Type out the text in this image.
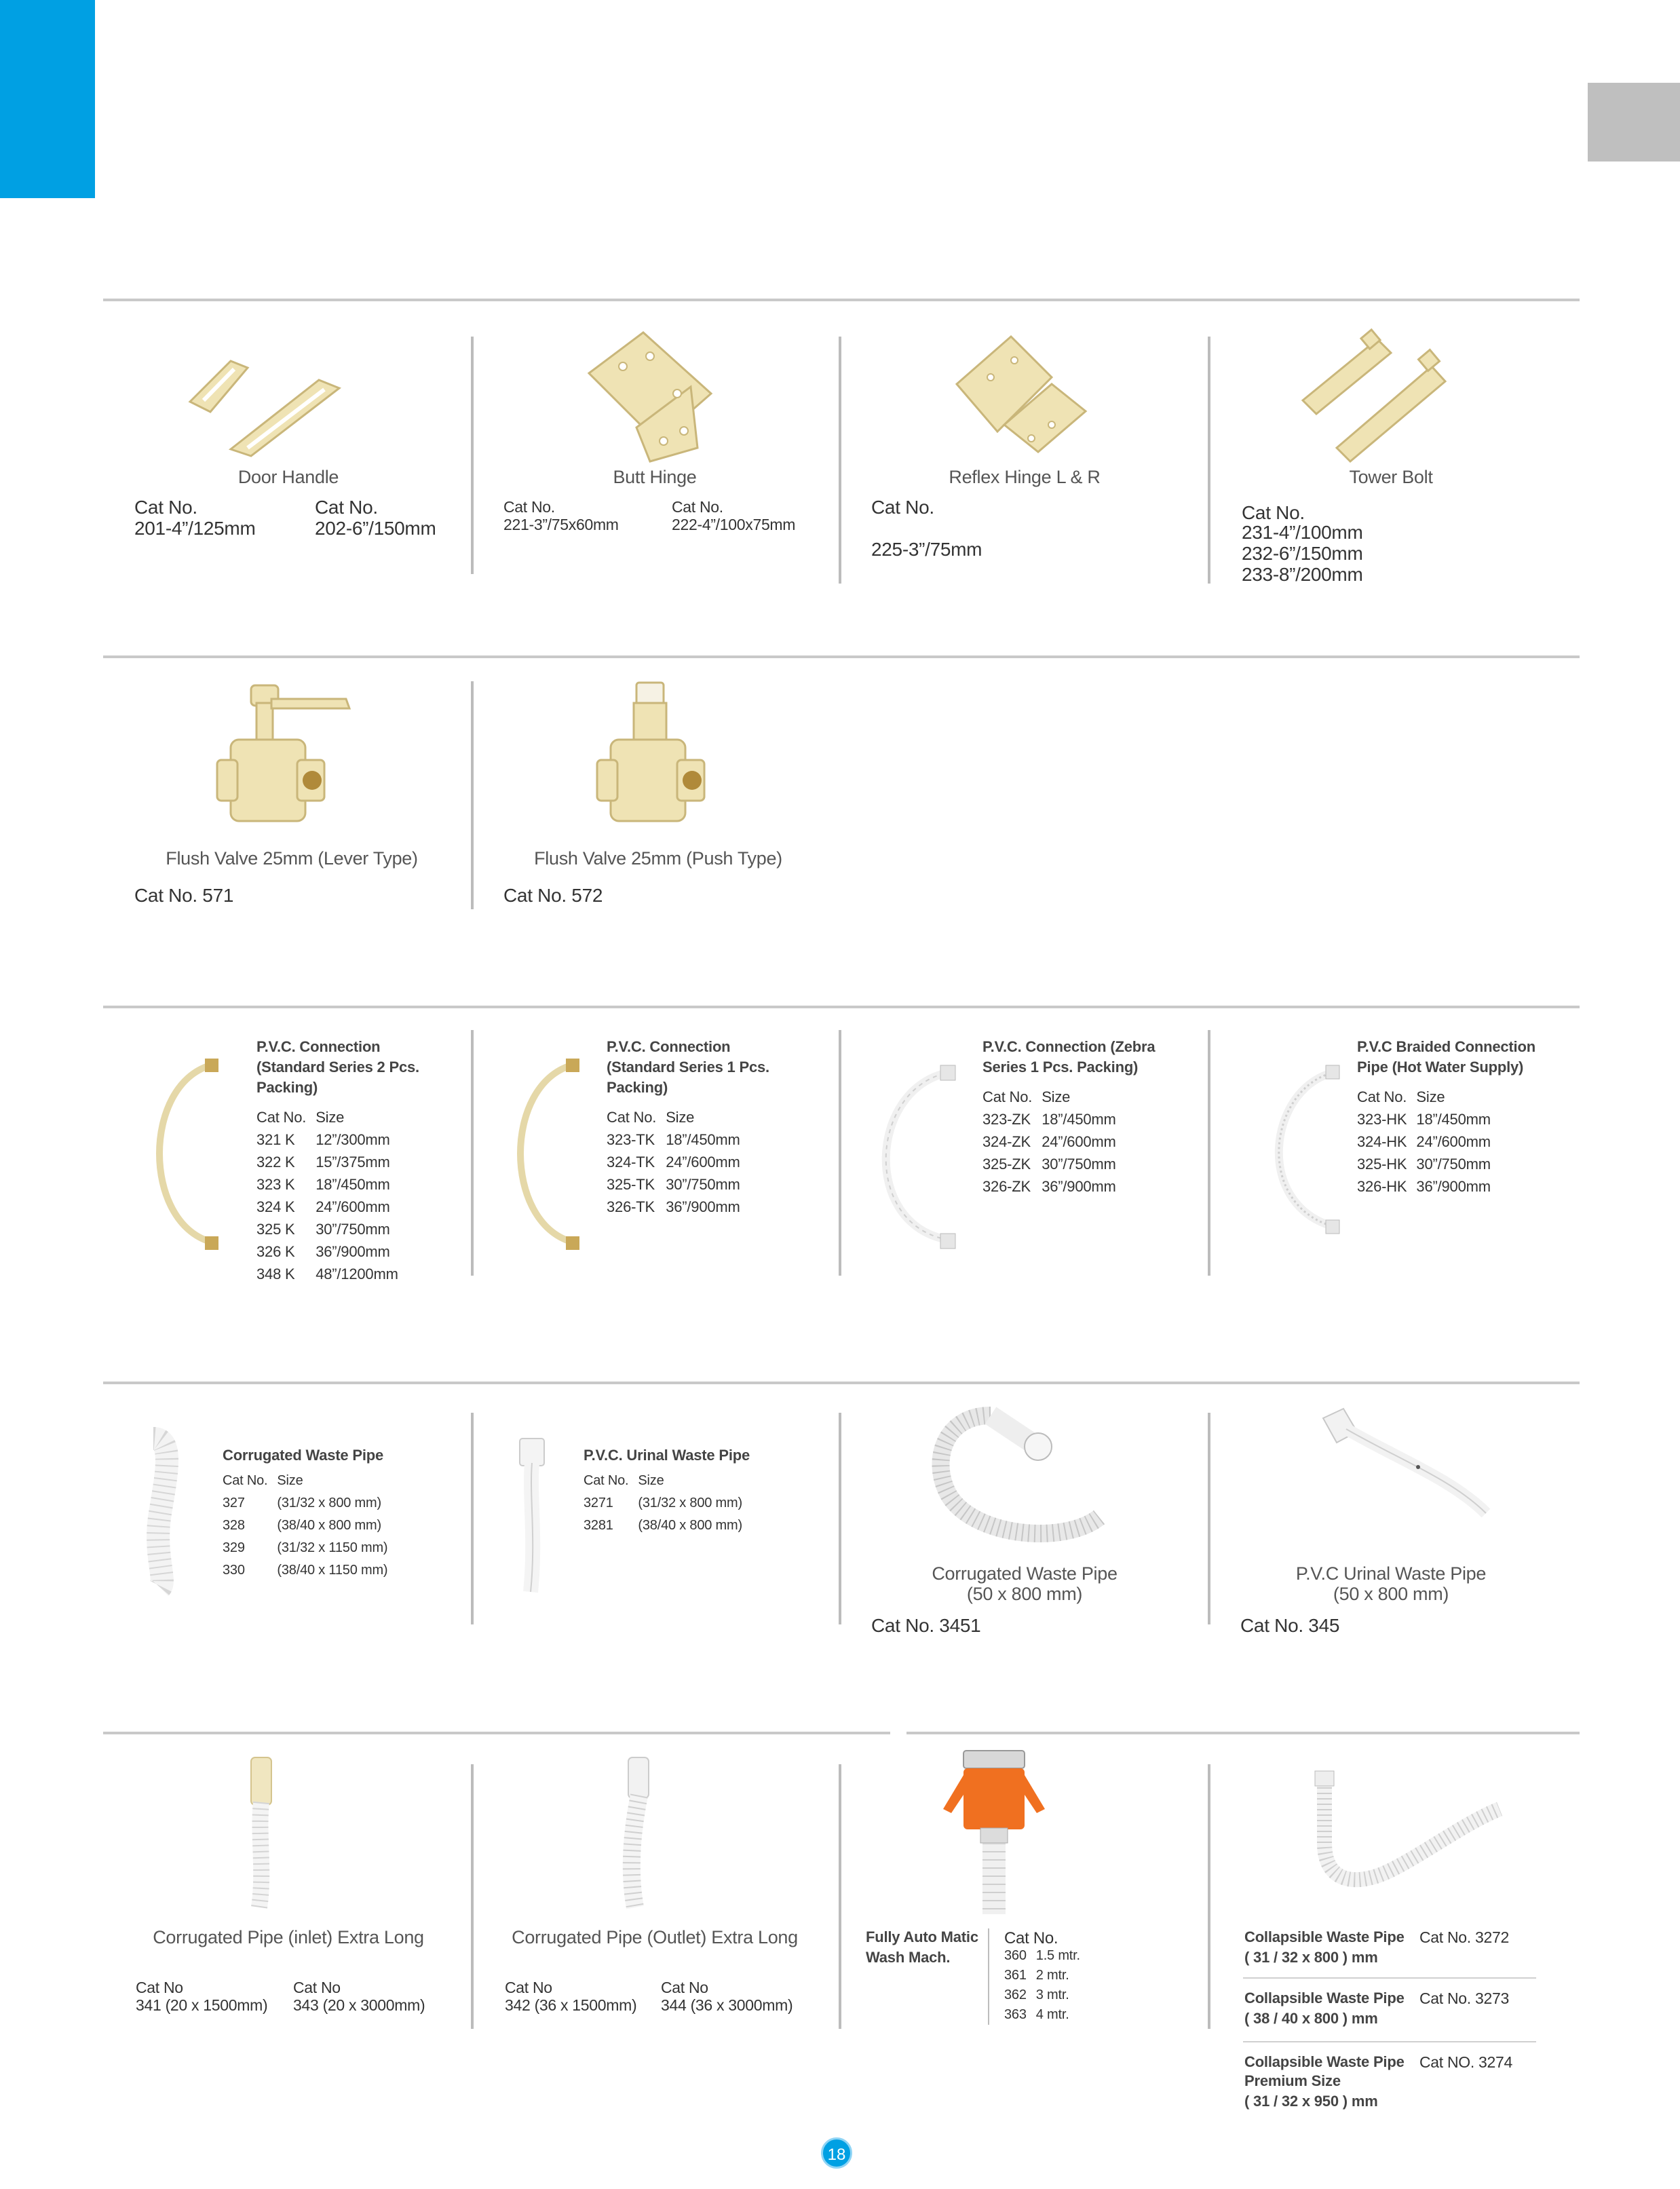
Door Handle
Cat No.
201-4”/125mm
Cat No.
202-6”/150mm
Butt Hinge
Cat No.
221-3”/75x60mm
Cat No.
222-4”/100x75mm
Reflex Hinge L & R
Cat No.
225-3”/75mm
Tower Bolt
Cat No.
231-4”/100mm
232-6”/150mm
233-8”/200mm
Flush Valve 25mm (Lever Type)
Cat No. 571
Flush Valve 25mm (Push Type)
Cat No. 572
P.V.C. Connection
(Standard Series 2 Pcs.
Packing)
Cat No.	Size
321 K	12”/300mm
322 K	15”/375mm
323 K	18”/450mm
324 K	24”/600mm
325 K	30”/750mm
326 K	36”/900mm
348 K	48”/1200mm
P.V.C. Connection
(Standard Series 1 Pcs.
Packing)
Cat No.	Size
323-TK	18”/450mm
324-TK	24”/600mm
325-TK	30”/750mm
326-TK	36”/900mm
P.V.C. Connection (Zebra
Series 1 Pcs. Packing)
Cat No.	Size
323-ZK	18”/450mm
324-ZK	24”/600mm
325-ZK	30”/750mm
326-ZK	36”/900mm
P.V.C Braided Connection
Pipe (Hot Water Supply)
Cat No.	Size
323-HK	18”/450mm
324-HK	24”/600mm
325-HK	30”/750mm
326-HK	36”/900mm
Corrugated Waste Pipe
Cat No.	Size
327	(31/32 x 800 mm)
328	(38/40 x 800 mm)
329	(31/32 x 1150 mm)
330	(38/40 x 1150 mm)
P.V.C. Urinal Waste Pipe
Cat No.	Size
3271	(31/32 x 800 mm)
3281	(38/40 x 800 mm)
Corrugated Waste Pipe
(50 x 800 mm)
Cat No. 3451
P.V.C Urinal Waste Pipe
(50 x 800 mm)
Cat No. 345
Corrugated Pipe (inlet) Extra Long
Cat No
341 (20 x 1500mm)
Cat No
343 (20 x 3000mm)
Corrugated Pipe (Outlet) Extra Long
Cat No
342 (36 x 1500mm)
Cat No
344 (36 x 3000mm)
Fully Auto Matic
Wash Mach.
Cat No.
360	1.5 mtr.
361	2 mtr.
362	3 mtr.
363	4 mtr.
Collapsible Waste Pipe
( 31 / 32 x 800 ) mm
Cat No. 3272
Collapsible Waste Pipe
( 38 / 40 x 800 ) mm
Cat No. 3273
Collapsible Waste Pipe
Premium Size
( 31 / 32 x 950 ) mm
Cat NO. 3274
18
